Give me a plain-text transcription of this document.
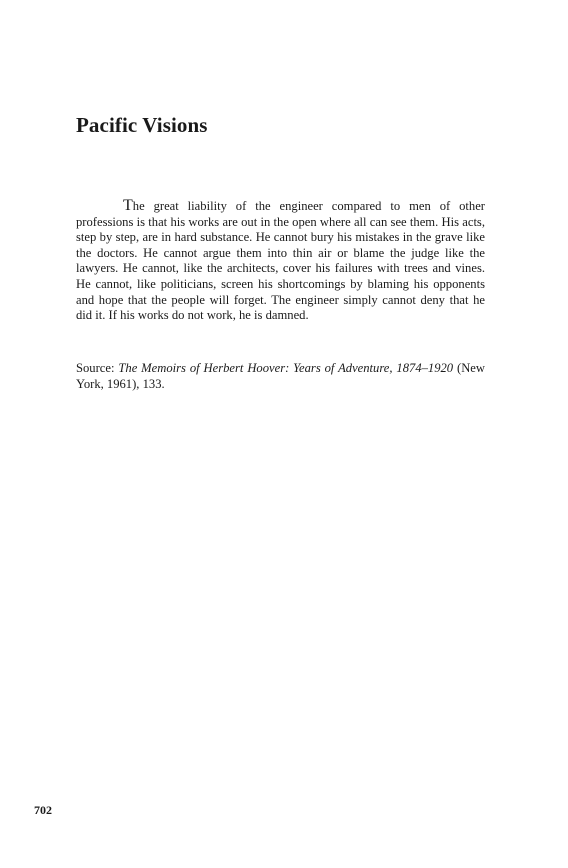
Pacific Visions

The great liability of the engineer compared to men of other professions is that his works are out in the open where all can see them. His acts, step by step, are in hard substance. He cannot bury his mistakes in the grave like the doctors. He cannot argue them into thin air or blame the judge like the lawyers. He cannot, like the architects, cover his failures with trees and vines. He cannot, like politicians, screen his shortcomings by blaming his opponents and hope that the people will forget. The engineer simply cannot deny that he did it. If his works do not work, he is damned.

Source: The Memoirs of Herbert Hoover: Years of Adventure, 1874–1920 (New York, 1961), 133.

702
